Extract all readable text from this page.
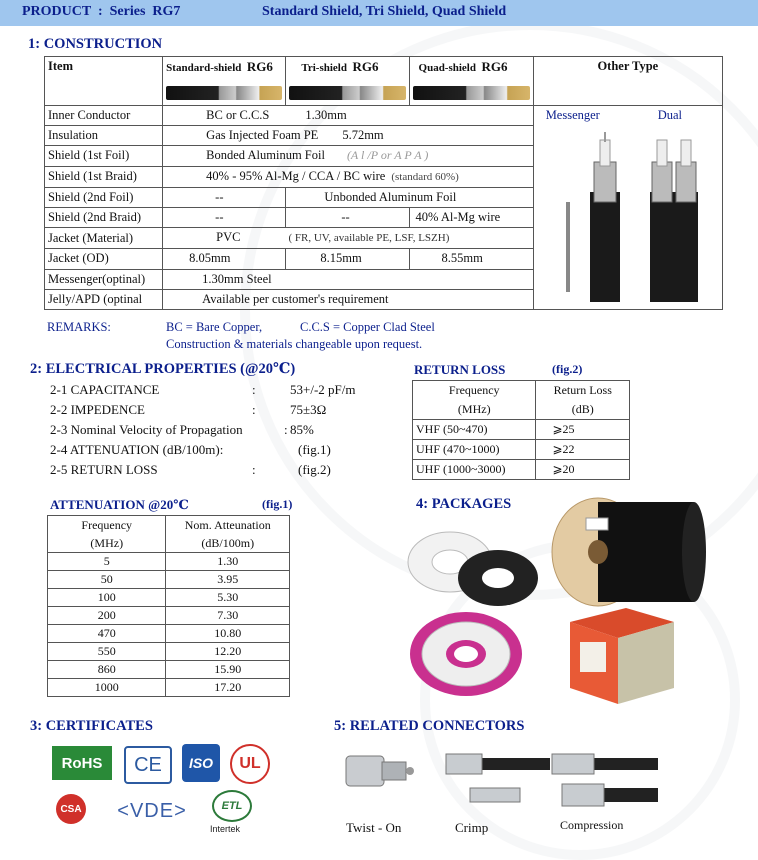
PRODUCT  :  Series  RG7	Standard Shield, Tri Shield, Quad Shield
1: CONSTRUCTION
Item	Standard-shield RG6	Tri-shield RG6	Quad-shield RG6	Other Type
Inner Conductor	BC or C.C.S 1.30mm			Messenger Dual

Insulation	Gas Injected Foam PE 5.72mm			
Shield (1st Foil)	Bonded Aluminum Foil (A l /P or A P A )			
Shield (1st Braid)	40% - 95% Al-Mg / CCA / BC wire (standard 60%)			
Shield (2nd Foil)	--	Unbonded Aluminum Foil		
Shield (2nd Braid)	--	--	40% Al-Mg wire	
Jacket (Material)	PVC ( FR, UV, available PE, LSF, LSZH)			
Jacket (OD)	8.05mm	8.15mm	8.55mm	
Messenger(optinal)	1.30mm Steel			
Jelly/APD (optinal	Available per customer's requirement			
REMARKS:	BC = Bare Copper,	C.C.S = Copper Clad Steel
Construction & materials changeable upon request.
2: ELECTRICAL PROPERTIES (@20℃)
2-1 CAPACITANCE	:	53+/-2 pF/m
2-2 IMPEDENCE	:	75±3Ω
2-3 Nominal Velocity of Propagation	: 85%
2-4 ATTENUATION (dB/100m):	(fig.1)
2-5 RETURN LOSS	:	(fig.2)
RETURN LOSS	(fig.2)
Frequency
(MHz)	Return Loss
(dB)
VHF (50~470)	⩾25
UHF (470~1000)	⩾22
UHF (1000~3000)	⩾20
ATTENUATION @20℃	(fig.1)
Frequency
(MHz)	Nom. Atteunation
(dB/100m)
5	1.30
50	3.95
100	5.30
200	7.30
470	10.80
550	12.20
860	15.90
1000	17.20
4: PACKAGES
3: CERTIFICATES
RoHS	CE	ISO	UL
CSA	< VDE >	ETL
Intertek
5: RELATED CONNECTORS
Twist - On	Crimp	Compression
